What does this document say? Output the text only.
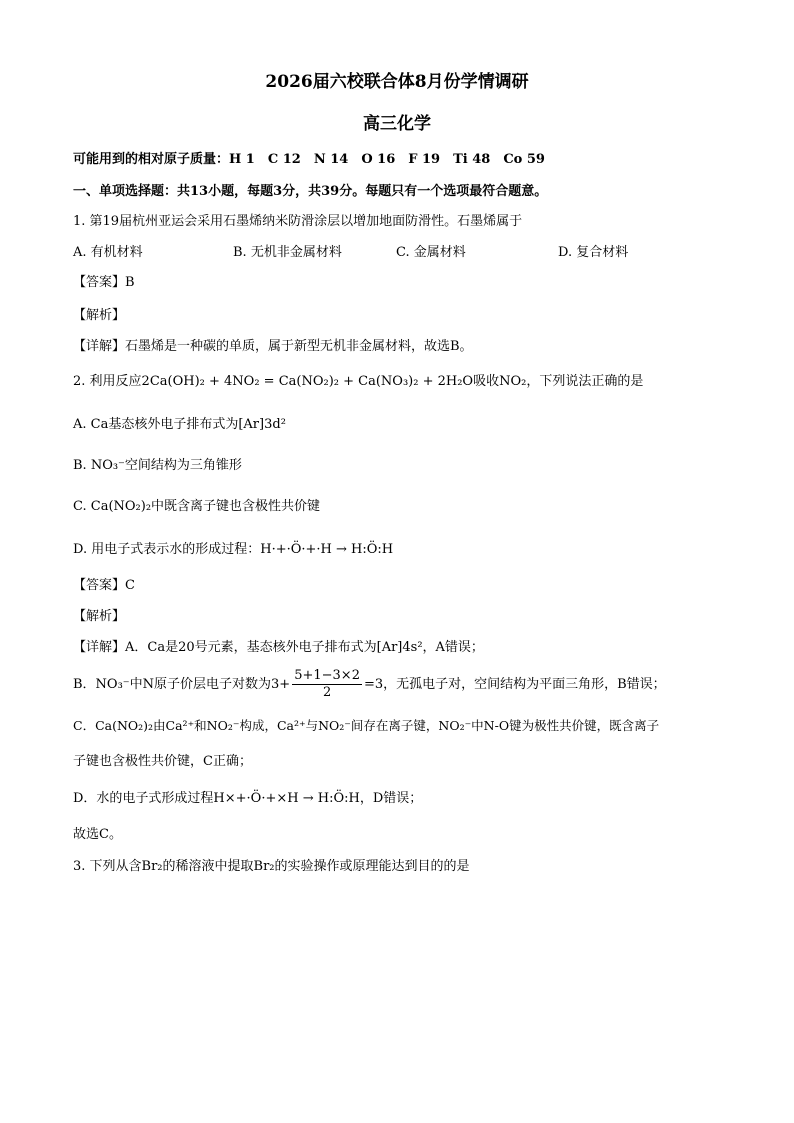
2026届六校联合体8月份学情调研
高三化学
可能用到的相对原子质量：H 1　C 12　N 14　O 16　F 19　Ti 48　Co 59
一、单项选择题：共13小题，每题3分，共39分。每题只有一个选项最符合题意。
1. 第19届杭州亚运会采用石墨烯纳米防滑涂层以增加地面防滑性。石墨烯属于
A. 有机材料	B. 无机非金属材料	C. 金属材料	D. 复合材料
【答案】B
【解析】
【详解】石墨烯是一种碳的单质，属于新型无机非金属材料，故选B。
2. 利用反应2Ca(OH)₂ + 4NO₂ = Ca(NO₂)₂ + Ca(NO₃)₂ + 2H₂O吸收NO₂，下列说法正确的是
A. Ca基态核外电子排布式为[Ar]3d²
B. NO₃⁻空间结构为三角锥形
C. Ca(NO₂)₂中既含离子键也含极性共价键
D. 用电子式表示水的形成过程：H·+·Ö·+·H → H:Ö:H
【答案】C
【解析】
【详解】A．Ca是20号元素，基态核外电子排布式为[Ar]4s²，A错误；
B．NO₃⁻中N原子价层电子对数为$3+ \frac{5+1-3\times 2}{2} =3$，无孤电子对，空间结构为平面三角形，B错误；
C．Ca(NO₂)₂由Ca²⁺和NO₂⁻构成，Ca²⁺与NO₂⁻间存在离子键，NO₂⁻中N-O键为极性共价键，既含离子
子键也含极性共价键，C正确；
D．水的电子式形成过程H×+·Ö·+×H → H:Ö:H，D错误；
故选C。
3. 下列从含Br₂的稀溶液中提取Br₂的实验操作或原理能达到目的的是
